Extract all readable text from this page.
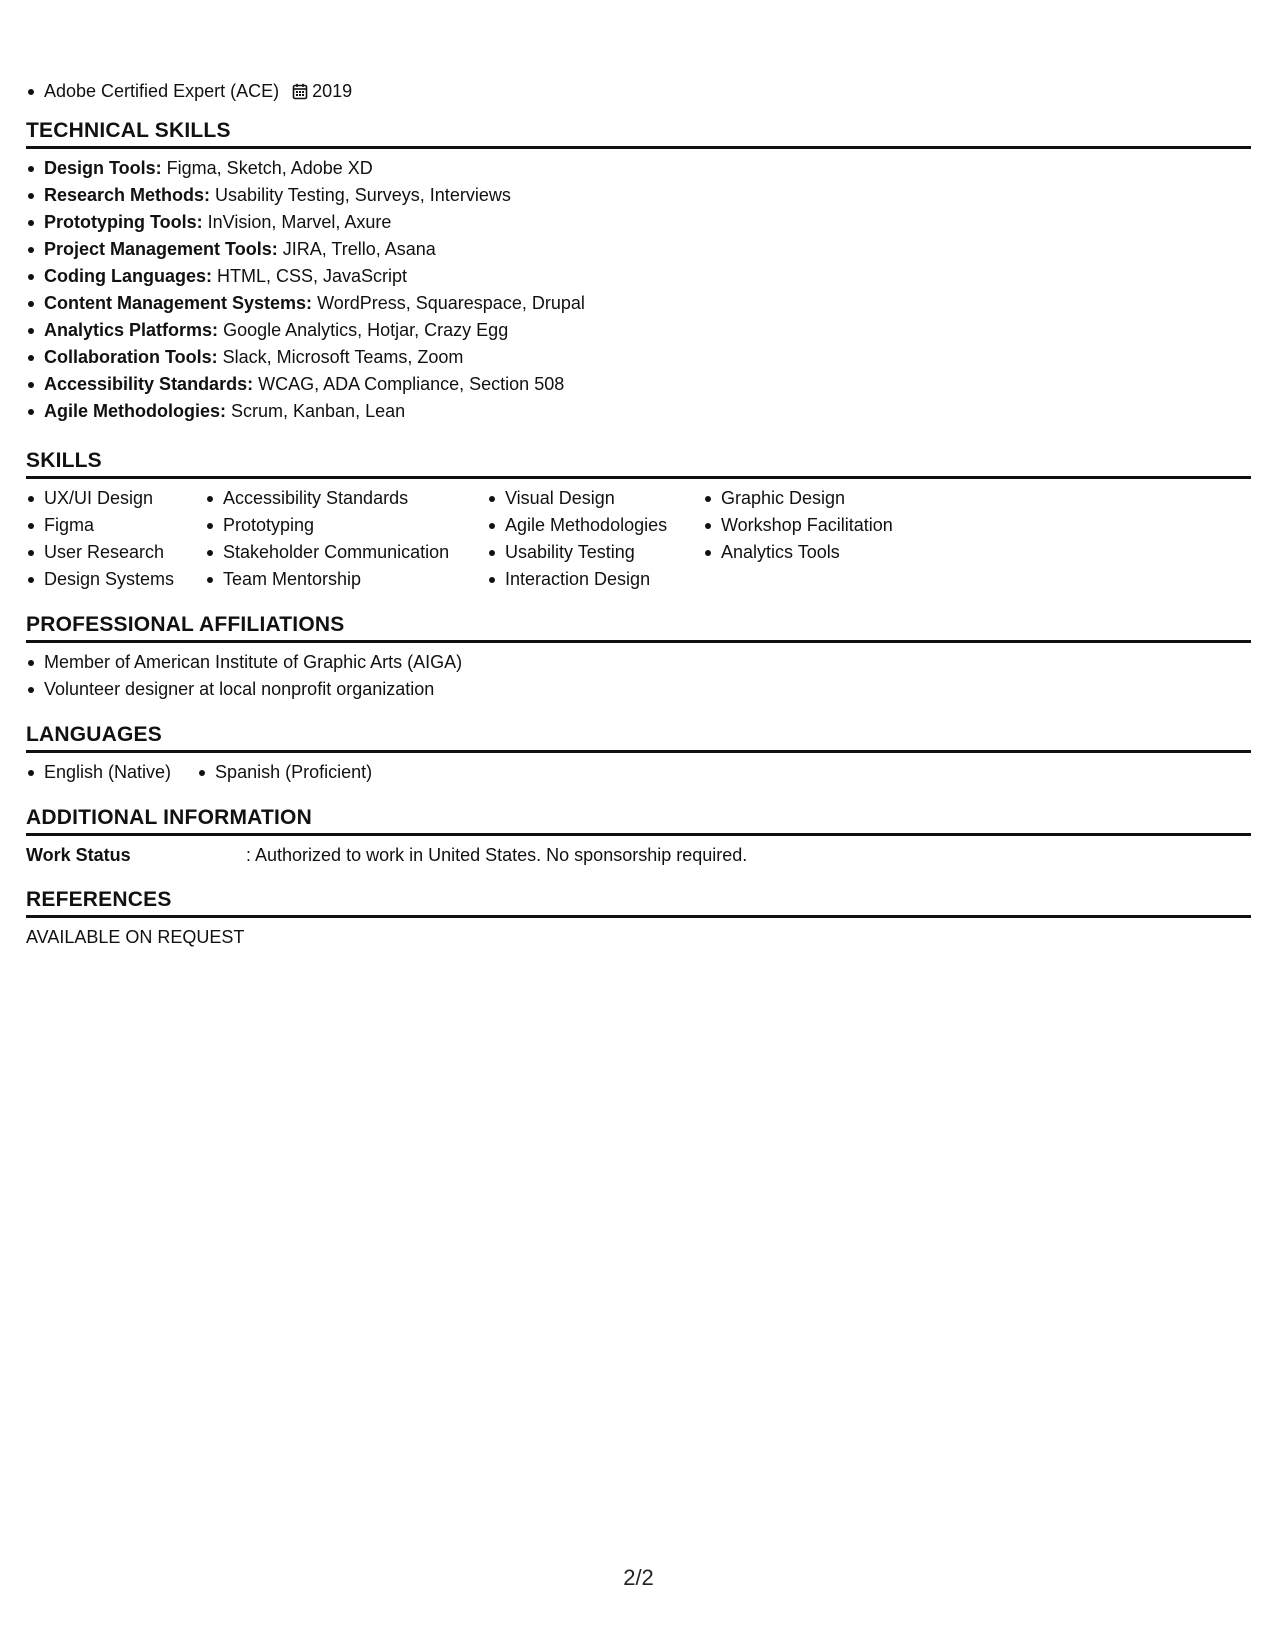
Adobe Certified Expert (ACE) 2019
TECHNICAL SKILLS
Design Tools: Figma, Sketch, Adobe XD
Research Methods: Usability Testing, Surveys, Interviews
Prototyping Tools: InVision, Marvel, Axure
Project Management Tools: JIRA, Trello, Asana
Coding Languages: HTML, CSS, JavaScript
Content Management Systems: WordPress, Squarespace, Drupal
Analytics Platforms: Google Analytics, Hotjar, Crazy Egg
Collaboration Tools: Slack, Microsoft Teams, Zoom
Accessibility Standards: WCAG, ADA Compliance, Section 508
Agile Methodologies: Scrum, Kanban, Lean
SKILLS
UX/UI Design
Figma
User Research
Design Systems
Accessibility Standards
Prototyping
Stakeholder Communication
Team Mentorship
Visual Design
Agile Methodologies
Usability Testing
Interaction Design
Graphic Design
Workshop Facilitation
Analytics Tools
PROFESSIONAL AFFILIATIONS
Member of American Institute of Graphic Arts (AIGA)
Volunteer designer at local nonprofit organization
LANGUAGES
English (Native)	Spanish (Proficient)
ADDITIONAL INFORMATION
Work Status	: Authorized to work in United States. No sponsorship required.
REFERENCES
AVAILABLE ON REQUEST
2/2
